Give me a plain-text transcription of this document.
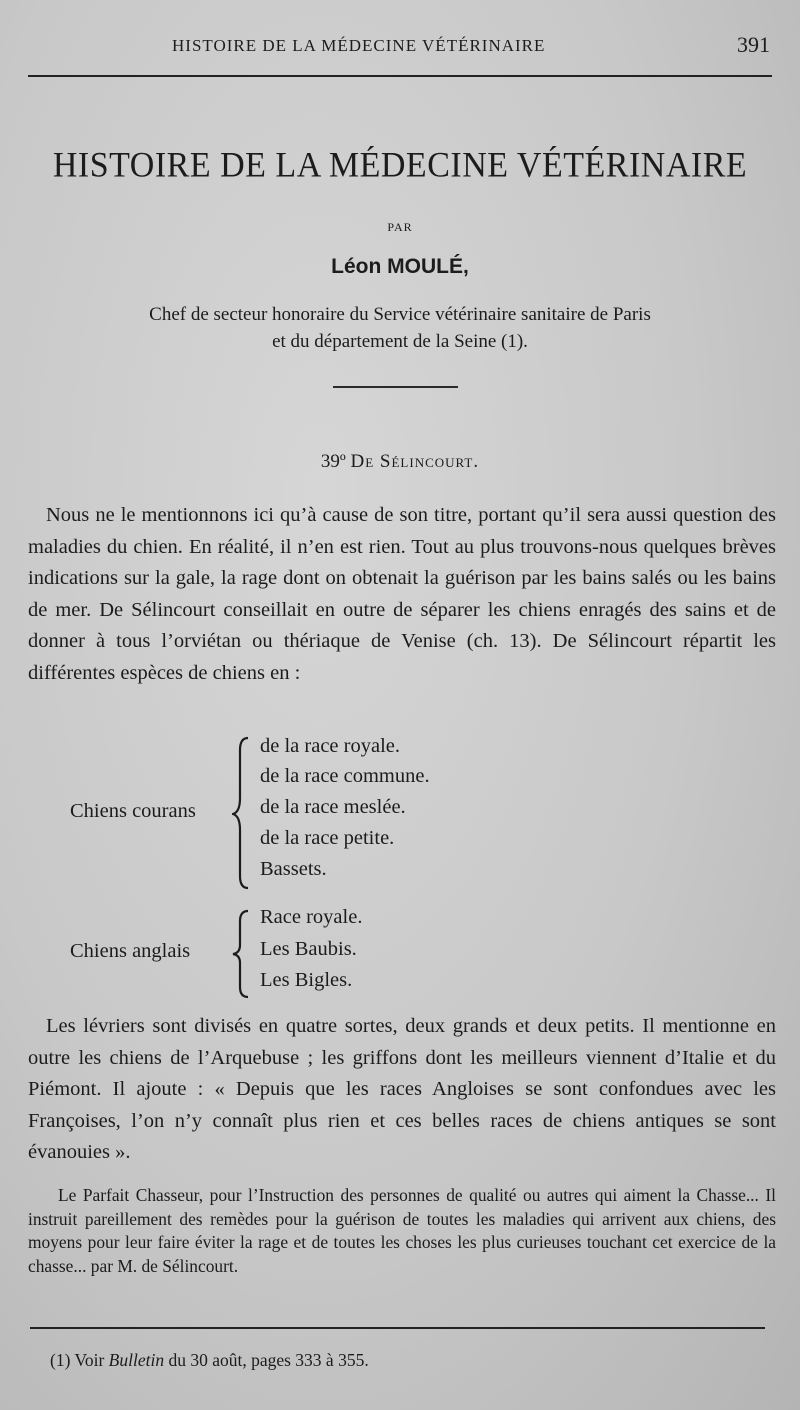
HISTOIRE DE LA MÉDECINE VÉTÉRINAIRE	391
HISTOIRE DE LA MÉDECINE VÉTÉRINAIRE
PAR
Léon MOULÉ,
Chef de secteur honoraire du Service vétérinaire sanitaire de Paris
et du département de la Seine (1).
39º De Sélincourt.

Nous ne le mentionnons ici qu’à cause de son titre, portant qu’il sera aussi question des maladies du chien. En réalité, il n’en est rien. Tout au plus trouvons-nous quelques brèves indications sur la gale, la rage dont on obtenait la guérison par les bains salés ou les bains de mer. De Sélincourt conseillait en outre de séparer les chiens enragés des sains et de donner à tous l’orviétan ou thériaque de Venise (ch. 13). De Sélincourt répartit les différentes espèces de chiens en :

Chiens courans
de la race royale.
de la race commune.
de la race meslée.
de la race petite.
Bassets.
Chiens anglais
Race royale.
Les Baubis.
Les Bigles.

Les lévriers sont divisés en quatre sortes, deux grands et deux petits. Il mentionne en outre les chiens de l’Arquebuse ; les griffons dont les meilleurs viennent d’Italie et du Piémont. Il ajoute : « Depuis que les races Angloises se sont confondues avec les Françoises, l’on n’y connaît plus rien et ces belles races de chiens antiques se sont évanouies ».

Le Parfait Chasseur, pour l’Instruction des personnes de qualité ou autres qui aiment la Chasse... Il instruit pareillement des remèdes pour la guérison de toutes les maladies qui arrivent aux chiens, des moyens pour leur faire éviter la rage et de toutes les choses les plus curieuses touchant cet exercice de la chasse... par M. de Sélincourt.

(1) Voir Bulletin du 30 août, pages 333 à 355.
